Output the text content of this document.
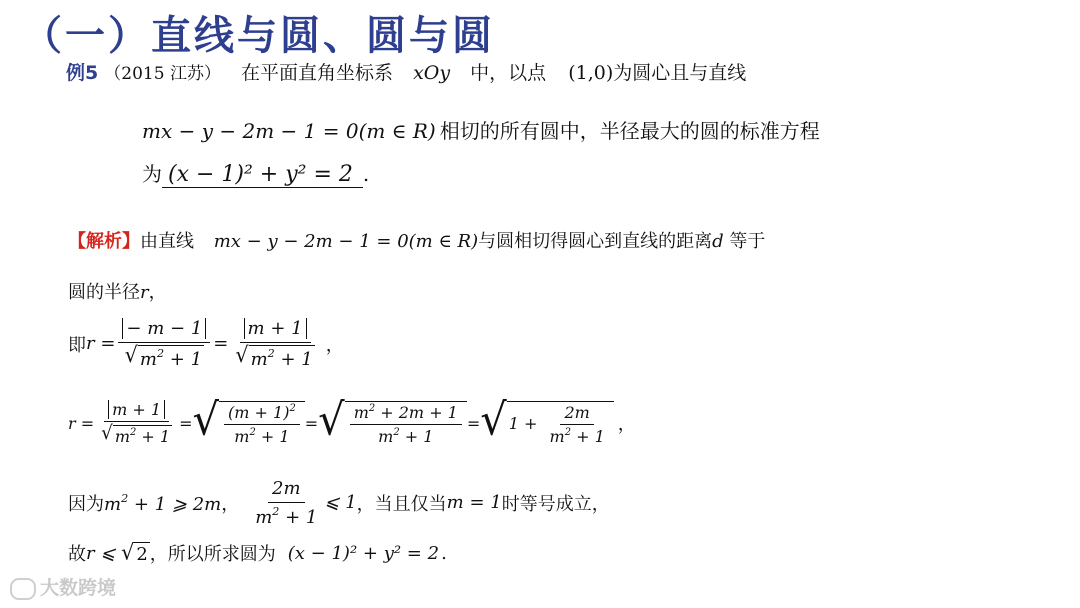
（一）直线与圆、圆与圆
例5 （2015 江苏） 在平面直角坐标系 xOy 中，以点 (1,0)为圆心且与直线
mx − y − 2m − 1 = 0(m ∈ R) 相切的所有圆中，半径最大的圆的标准方程
为 (x − 1)² + y² = 2 .
【解析】由直线 mx − y − 2m − 1 = 0(m ∈ R)与圆相切得圆心到直线的距离d 等于
圆的半径r，
即 $r = \frac{- m - 1}{√ m^2 + 1} = \frac{m + 1}{√ m^2 + 1}$ ，
$r = \frac{m + 1}{√ m^2 + 1}$ = √ $\frac{(m + 1)^2}{m^2 + 1}$ = √ $\frac{m^2 + 2m + 1}{m^2 + 1}$ = √ $1 + \frac{2m}{m^2 + 1}$ ，
因为 $m^2 + 1$ ⩾ 2m ， $\frac{2m}{m^2 + 1}$ ⩽ 1 ，当且仅当 m = 1 时等号成立，
故 r ⩽ √ 2 ，所以所求圆为 (x − 1)² + y² = 2 .
大数跨境
